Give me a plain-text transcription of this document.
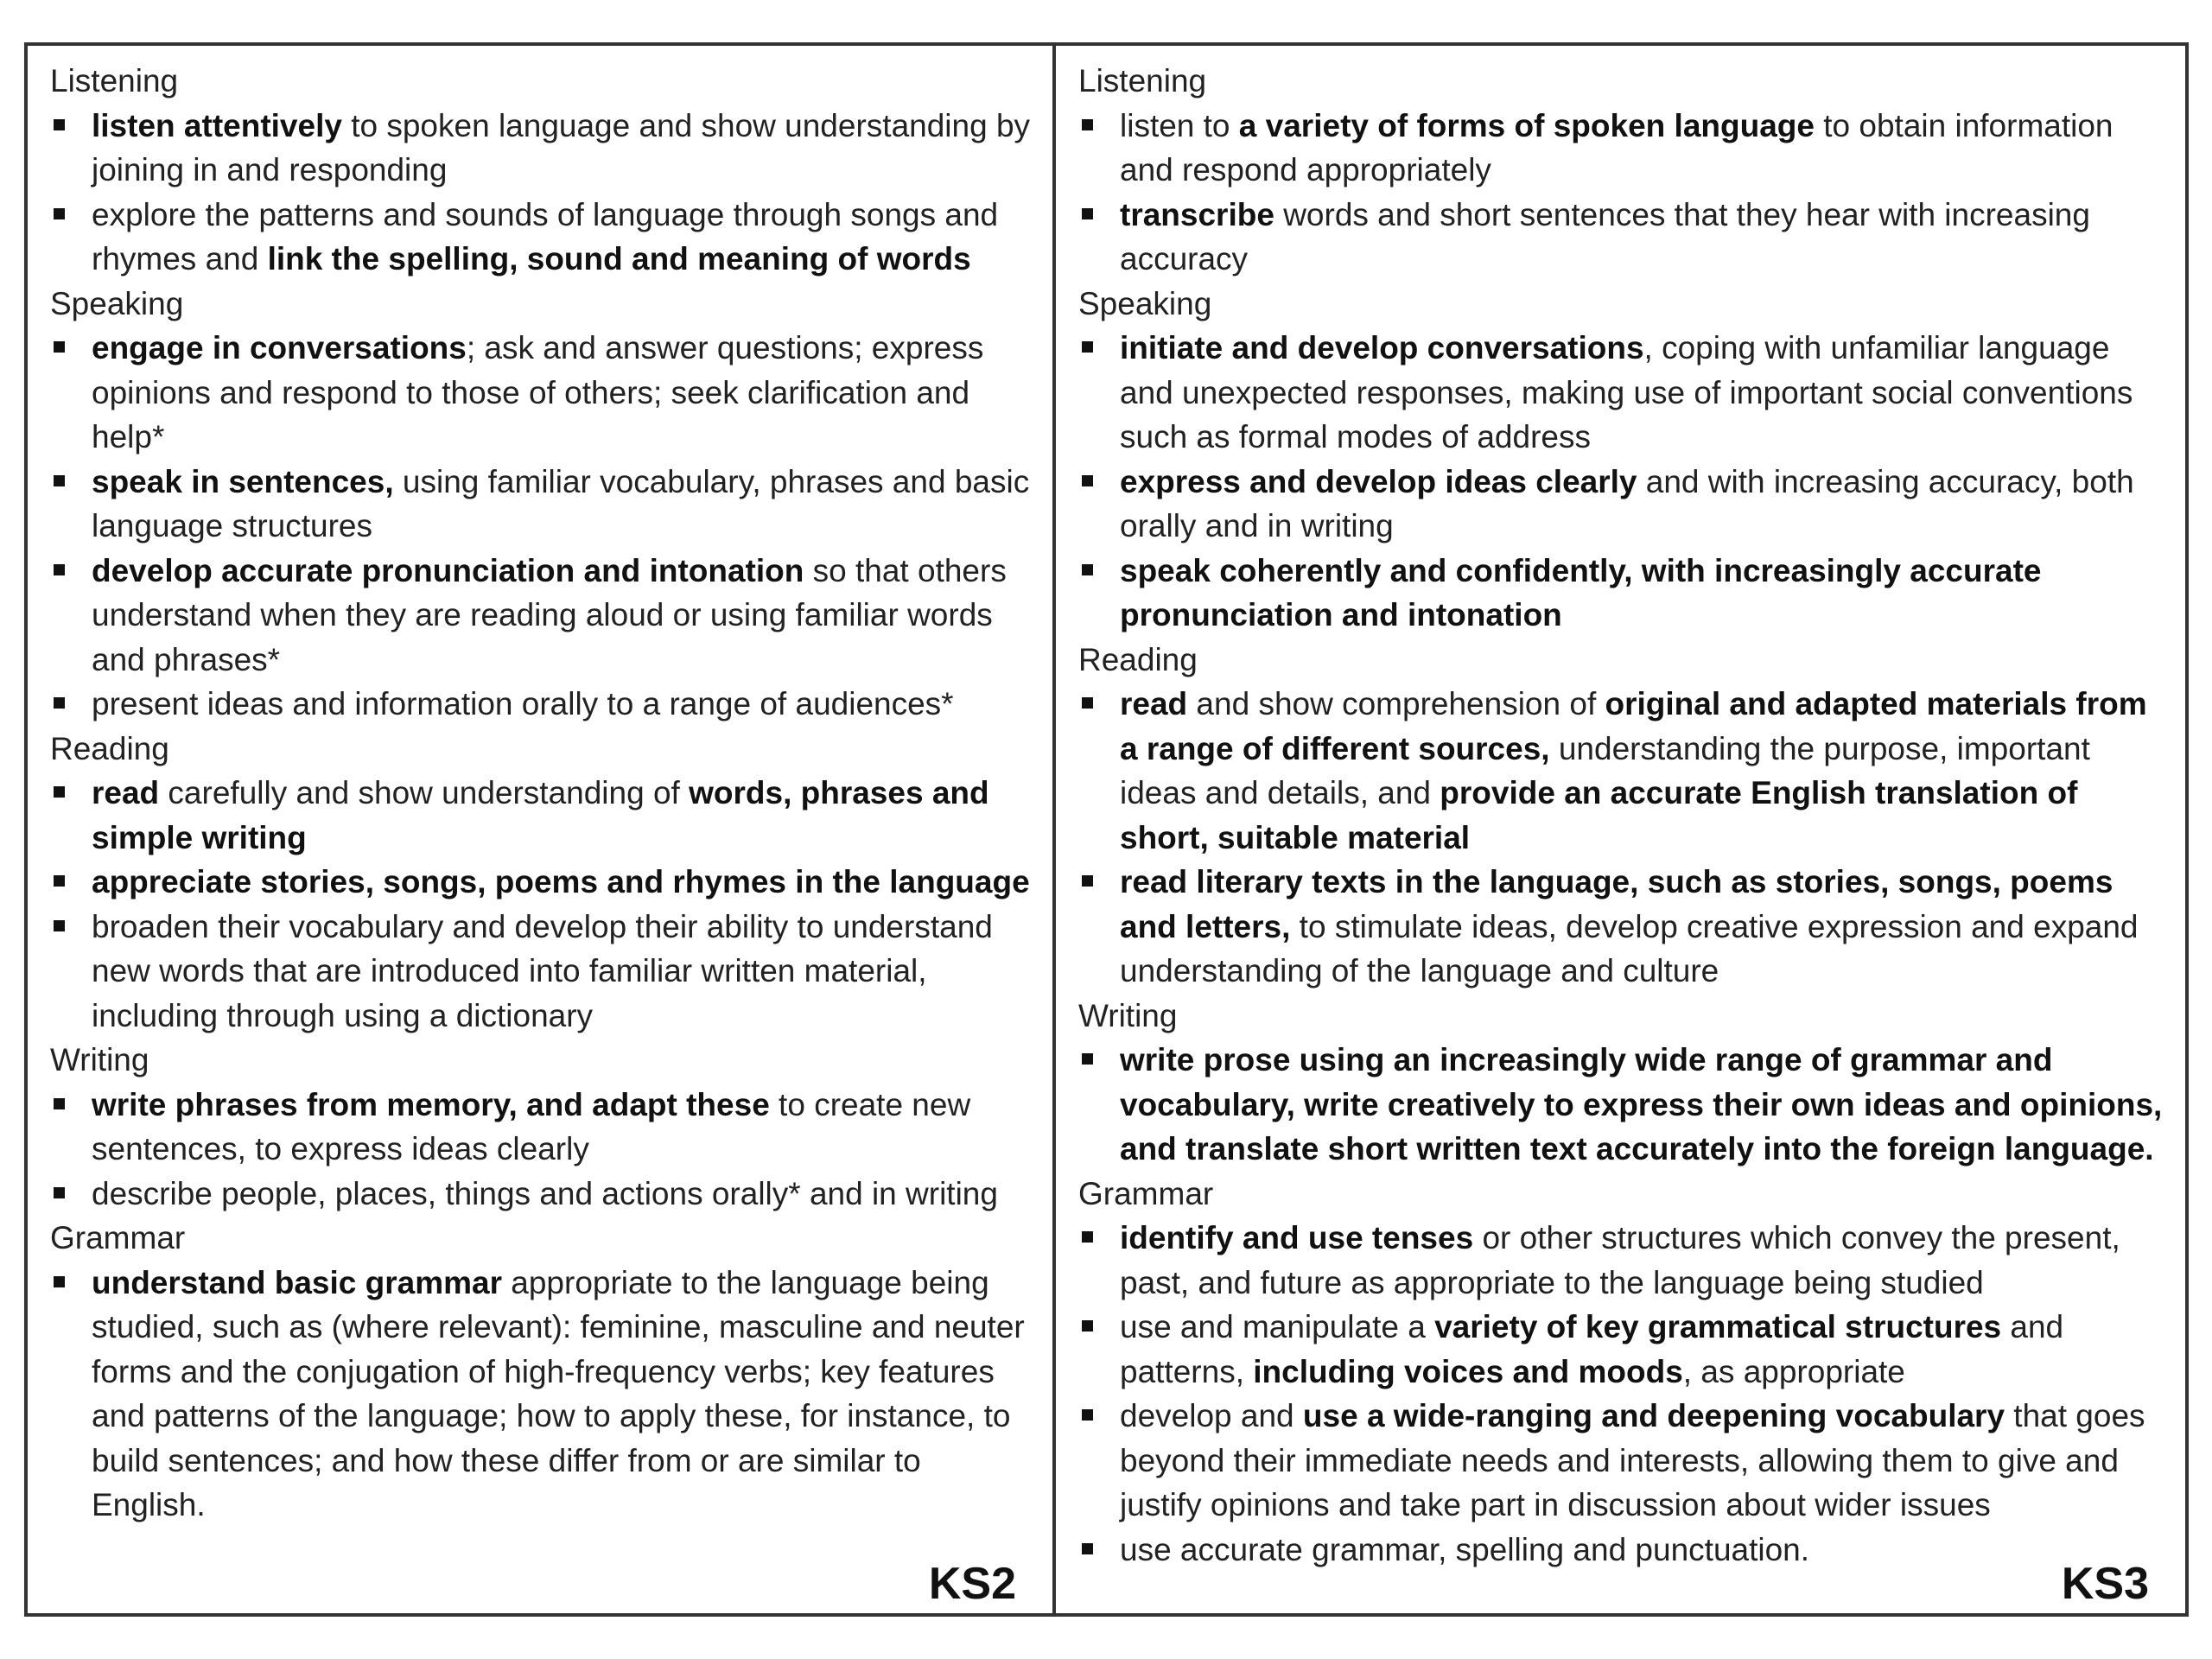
Listening
listen attentively to spoken language and show understanding by joining in and responding
explore the patterns and sounds of language through songs and rhymes and link the spelling, sound and meaning of words
Speaking
engage in conversations; ask and answer questions; express opinions and respond to those of others; seek clarification and help*
speak in sentences, using familiar vocabulary, phrases and basic language structures
develop accurate pronunciation and intonation so that others understand when they are reading aloud or using familiar words and phrases*
present ideas and information orally to a range of audiences*
Reading
read carefully and show understanding of words, phrases and simple writing
appreciate stories, songs, poems and rhymes in the language
broaden their vocabulary and develop their ability to understand new words that are introduced into familiar written material, including through using a dictionary
Writing
write phrases from memory, and adapt these to create new sentences, to express ideas clearly
describe people, places, things and actions orally* and in writing
Grammar
understand basic grammar appropriate to the language being studied, such as (where relevant): feminine, masculine and neuter forms and the conjugation of high-frequency verbs; key features and patterns of the language; how to apply these, for instance, to build sentences; and how these differ from or are similar to English.
KS2
Listening
listen to a variety of forms of spoken language to obtain information and respond appropriately
transcribe words and short sentences that they hear with increasing accuracy
Speaking
initiate and develop conversations, coping with unfamiliar language and unexpected responses, making use of important social conventions such as formal modes of address
express and develop ideas clearly and with increasing accuracy, both orally and in writing
speak coherently and confidently, with increasingly accurate pronunciation and intonation
Reading
read and show comprehension of original and adapted materials from a range of different sources, understanding the purpose, important ideas and details, and provide an accurate English translation of short, suitable material
read literary texts in the language, such as stories, songs, poems and letters, to stimulate ideas, develop creative expression and expand understanding of the language and culture
Writing
write prose using an increasingly wide range of grammar and vocabulary, write creatively to express their own ideas and opinions, and translate short written text accurately into the foreign language.
Grammar
identify and use tenses or other structures which convey the present, past, and future as appropriate to the language being studied
use and manipulate a variety of key grammatical structures and patterns, including voices and moods, as appropriate
develop and use a wide-ranging and deepening vocabulary that goes beyond their immediate needs and interests, allowing them to give and justify opinions and take part in discussion about wider issues
use accurate grammar, spelling and punctuation.
KS3
